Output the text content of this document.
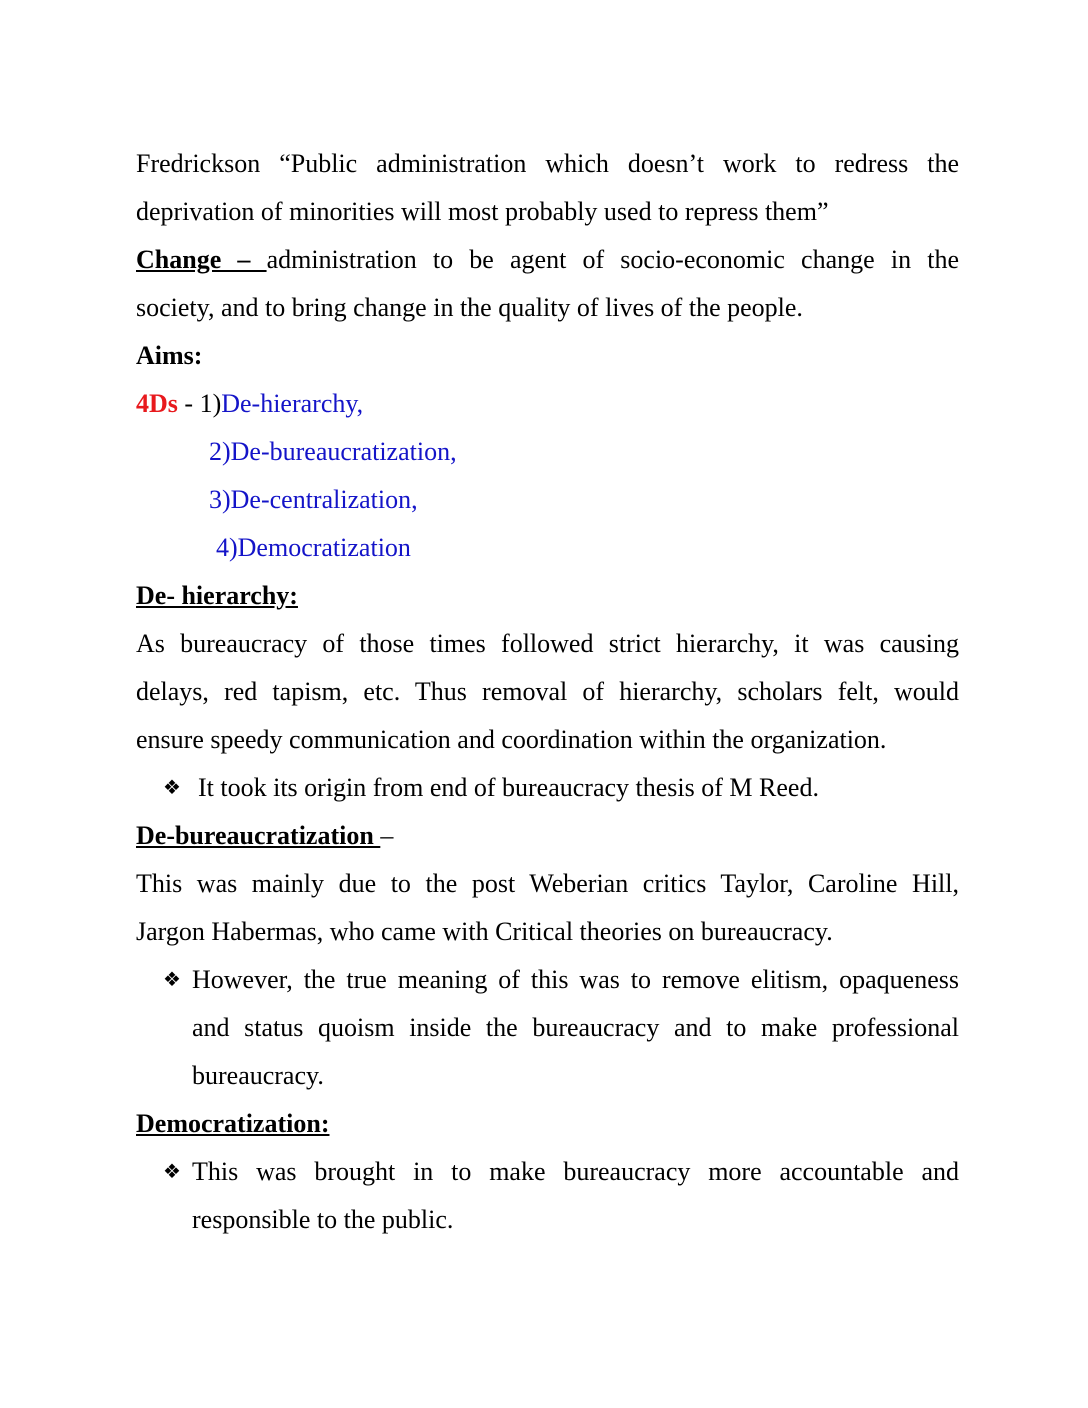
Fredrickson “Public administration which doesn’t work to redress the
deprivation of minorities will most probably used to repress them”
Change – administration to be agent of socio-economic change in the
society, and to bring change in the quality of lives of the people.
Aims:
4Ds - 1)De-hierarchy,
2)De-bureaucratization,
3)De-centralization,
4)Democratization
De- hierarchy:
As bureaucracy of those times followed strict hierarchy, it was causing
delays, red tapism, etc. Thus removal of hierarchy, scholars felt, would
ensure speedy communication and coordination within the organization.
❖ It took its origin from end of bureaucracy thesis of M Reed.
De-bureaucratization –
This was mainly due to the post Weberian critics Taylor, Caroline Hill,
Jargon Habermas, who came with Critical theories on bureaucracy.
❖ However, the true meaning of this was to remove elitism, opaqueness
and status quoism inside the bureaucracy and to make professional
bureaucracy.
Democratization:
❖ This was brought in to make bureaucracy more accountable and
responsible to the public.
